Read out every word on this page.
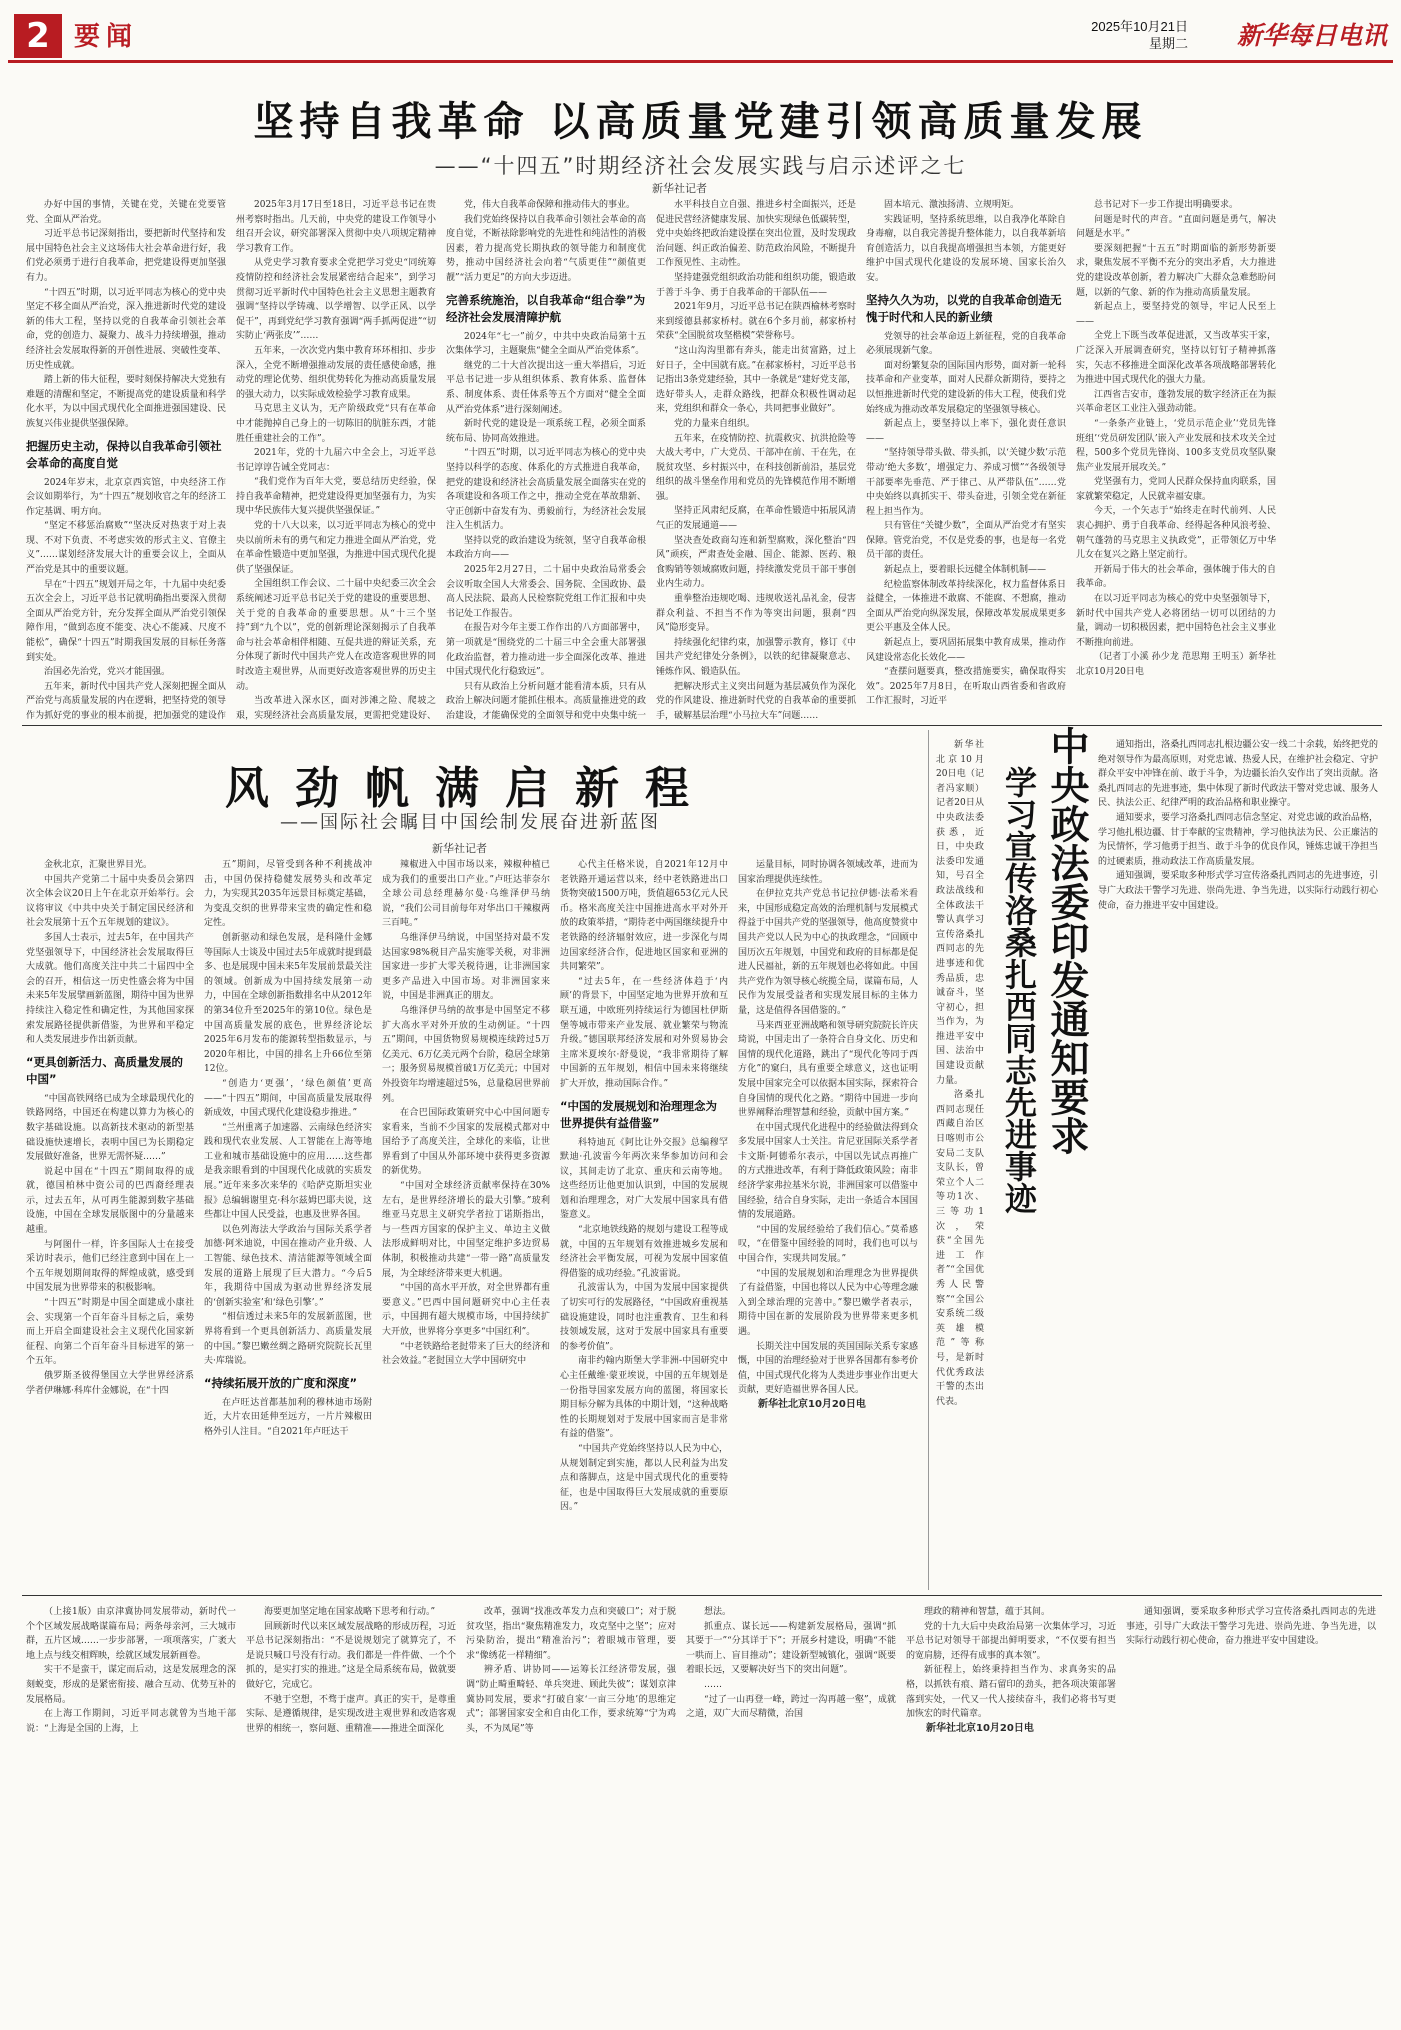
2 要闻	2025年10月21日
星期二 新华每日电讯
坚持自我革命 以高质量党建引领高质量发展
——“十四五”时期经济社会发展实践与启示述评之七
新华社记者

办好中国的事情，关键在党，关键在党要管党、全面从严治党。

习近平总书记深刻指出，要把新时代坚持和发展中国特色社会主义这场伟大社会革命进行好，我们党必须勇于进行自我革命，把党建设得更加坚强有力。

“十四五”时期，以习近平同志为核心的党中央坚定不移全面从严治党，深入推进新时代党的建设新的伟大工程，坚持以党的自我革命引领社会革命，党的创造力、凝聚力、战斗力持续增强，推动经济社会发展取得新的开创性进展、突破性变革、历史性成就。

踏上新的伟大征程，要时刻保持解决大党独有难题的清醒和坚定，不断提高党的建设质量和科学化水平，为以中国式现代化全面推进强国建设、民族复兴伟业提供坚强保障。

把握历史主动，保持以自我革命引领社会革命的高度自觉

2024年岁末，北京京西宾馆，中央经济工作会议如期举行，为“十四五”规划收官之年的经济工作定基调、明方向。

“坚定不移惩治腐败”“坚决反对热衷于对上表现、不对下负责、不考虑实效的形式主义、官僚主义”……谋划经济发展大计的重要会议上，全面从严治党是其中的重要议题。

早在“十四五”规划开局之年，十九届中央纪委五次全会上，习近平总书记就明确指出要深入贯彻全面从严治党方针，充分发挥全面从严治党引领保障作用，“做到态度不能变、决心不能减、尺度不能松”，确保“十四五”时期我国发展的目标任务落到实处。

治国必先治党，党兴才能国强。

五年来，新时代中国共产党人深刻把握全面从严治党与高质量发展的内在逻辑，把坚持党的领导作为抓好党的事业的根本前提，把加强党的建设作

2025年3月17日至18日，习近平总书记在贵州考察时指出。几天前，中央党的建设工作领导小组召开会议，研究部署深入贯彻中央八项规定精神学习教育工作。

从党史学习教育要求全党把学习党史“同统筹疫情防控和经济社会发展紧密结合起来”，到学习贯彻习近平新时代中国特色社会主义思想主题教育强调“坚持以学铸魂、以学增智、以学正风、以学促干”，再到党纪学习教育强调“两手抓两促进”“切实防止‘两张皮’”……

五年来，一次次党内集中教育环环相扣、步步深入，全党不断增强推动发展的责任感使命感，推动党的理论优势、组织优势转化为推动高质量发展的强大动力，以实际成效检验学习教育成果。

马克思主义认为，无产阶级政党“只有在革命中才能抛掉自己身上的一切陈旧的肮脏东西，才能胜任重建社会的工作”。

2021年，党的十九届六中全会上，习近平总书记谆谆告诫全党同志：

“我们党作为百年大党，要总结历史经验，保持自我革命精神，把党建设得更加坚强有力，为实现中华民族伟大复兴提供坚强保证。”

党的十八大以来，以习近平同志为核心的党中央以前所未有的勇气和定力推进全面从严治党，党在革命性锻造中更加坚强，为推进中国式现代化提供了坚强保证。

全国组织工作会议、二十届中央纪委三次全会系统阐述习近平总书记关于党的建设的重要思想、关于党的自我革命的重要思想。从“十三个坚持”到“九个以”，党的创新理论深刻揭示了自我革命与社会革命相伴相随、互促共进的辩证关系，充分体现了新时代中国共产党人在改造客观世界的同时改造主观世界，从而更好改造客观世界的历史主动。

当改革进入深水区，面对涉滩之险、爬坡之艰，实现经济社会高质量发展，更需把党建设好、

党，伟大自我革命保障和推动伟大的事业。

我们党始终保持以自我革命引领社会革命的高度自觉，不断祛除影响党的先进性和纯洁性的消极因素，着力提高党长期执政的领导能力和制度优势，推动中国经济社会向着“气质更佳”“颜值更靓”“活力更足”的方向大步迈进。

完善系统施治，以自我革命“组合拳”为经济社会发展清障护航

2024年“七一”前夕，中共中央政治局第十五次集体学习，主题聚焦“健全全面从严治党体系”。

继党的二十大首次提出这一重大举措后，习近平总书记进一步从组织体系、教育体系、监督体系、制度体系、责任体系等五个方面对“健全全面从严治党体系”进行深刻阐述。

新时代党的建设是一项系统工程，必须全面系统布局、协同高效推进。

“十四五”时期，以习近平同志为核心的党中央坚持以科学的态度、体系化的方式推进自我革命，把党的建设和经济社会高质量发展全面落实在党的各项建设和各项工作之中，推动全党在革故鼎新、守正创新中奋发有为、勇毅前行，为经济社会发展注入生机活力。

坚持以党的政治建设为统领，坚守自我革命根本政治方向——

2025年2月27日，二十届中央政治局常委会会议听取全国人大常委会、国务院、全国政协、最高人民法院、最高人民检察院党组工作汇报和中央书记处工作报告。

在报告对今年主要工作作出的八方面部署中，第一项就是“围绕党的二十届三中全会重大部署强化政治监督，着力推动进一步全面深化改革、推进中国式现代化行稳致远”。

只有从政治上分析问题才能看清本质，只有从政治上解决问题才能抓住根本。高质量推进党的政治建设，才能确保党的全面领导和党中央集中统一

水平科技自立自强、推进乡村全面振兴，还是促进民营经济健康发展、加快实现绿色低碳转型，党中央始终把政治建设摆在突出位置，及时发现政治问题、纠正政治偏差、防范政治风险，不断提升工作预见性、主动性。

坚持建强党组织政治功能和组织功能，锻造敢于善于斗争、勇于自我革命的干部队伍——

2021年9月，习近平总书记在陕西榆林考察时来到绥德县郝家桥村。就在6个多月前，郝家桥村荣获“全国脱贫攻坚楷模”荣誉称号。

“这山沟沟里都有奔头，能走出贫富路，过上好日子，全中国就有底。”在郝家桥村，习近平总书记指出3条党建经验，其中一条就是“建好党支部，选好带头人，走群众路线，把群众积极性调动起来，党组织和群众一条心，共同把事业做好”。

党的力量来自组织。

五年来，在疫情防控、抗震救灾、抗洪抢险等大战大考中，广大党员、干部冲在前、干在先，在脱贫攻坚、乡村振兴中，在科技创新前沿，基层党组织的战斗堡垒作用和党员的先锋模范作用不断增强。

坚持正风肃纪反腐，在革命性锻造中拓展风清气正的发展通道——

坚决查处政商勾连和新型腐败，深化整治“四风”顽疾，严肃查处金融、国企、能源、医药、粮食购销等领域腐败问题，持续激发党员干部干事创业内生动力。

重拳整治违规吃喝、违规收送礼品礼金，侵害群众利益、不担当不作为等突出问题，狠刹“四风”隐形变异。

持续强化纪律约束，加强警示教育，修订《中国共产党纪律处分条例》，以铁的纪律凝聚意志、锤炼作风、锻造队伍。

把解决形式主义突出问题为基层减负作为深化党的作风建设、推进新时代党的自我革命的重要抓手，破解基层治理“小马拉大车”问题……

固本培元、激浊扬清、立规明矩。

实践证明，坚持系统思维，以自我净化革除自身毒瘤，以自我完善提升整体能力，以自我革新培育创造活力，以自我提高增强担当本领，方能更好维护中国式现代化建设的发展环境、国家长治久安。

坚持久久为功，以党的自我革命创造无愧于时代和人民的新业绩

党领导的社会革命迈上新征程，党的自我革命必须展现新气象。

面对纷繁复杂的国际国内形势，面对新一轮科技革命和产业变革，面对人民群众新期待，要持之以恒推进新时代党的建设新的伟大工程，使我们党始终成为推动改革发展稳定的坚强领导核心。

新起点上，要坚持以上率下，强化责任意识——

“坚持领导带头做、带头抓，以‘关键少数’示范带动‘绝大多数’，增强定力、养成习惯”“各级领导干部要率先垂范、严于律己、从严带队伍”……党中央始终以真抓实干、带头奋进，引领全党在新征程上担当作为。

只有管住“关键少数”，全面从严治党才有坚实保障。管党治党，不仅是党委的事，也是每一名党员干部的责任。

新起点上，要着眼长远健全体制机制——

纪检监察体制改革持续深化，权力监督体系日益健全，一体推进不敢腐、不能腐、不想腐，推动全面从严治党向纵深发展，保障改革发展成果更多更公平惠及全体人民。

新起点上，要巩固拓展集中教育成果，推动作风建设常态化长效化——

“查摆问题要真，整改措施要实，确保取得实效”。2025年7月8日，在听取山西省委和省政府工作汇报时，习近平

总书记对下一步工作提出明确要求。

问题是时代的声音。“直面问题是勇气，解决问题是水平。”

要深刻把握“十五五”时期面临的新形势新要求，聚焦发展不平衡不充分的突出矛盾，大力推进党的建设改革创新，着力解决广大群众急难愁盼问题，以新的气象、新的作为推动高质量发展。

新起点上，要坚持党的领导，牢记人民至上——

全党上下既当改革促进派，又当改革实干家，广泛深入开展调查研究，坚持以钉钉子精神抓落实，矢志不移推进全面深化改革各项战略部署转化为推进中国式现代化的强大力量。

江西省吉安市，蓬勃发展的数字经济正在为振兴革命老区工业注入强劲动能。

“一条条产业链上，‘党员示范企业’‘党员先锋班组’‘党员研发团队’嵌入产业发展和技术攻关全过程，500多个党员先锋岗、100多支党员攻坚队聚焦产业发展开展攻关。”

党坚强有力，党同人民群众保持血肉联系，国家就繁荣稳定，人民就幸福安康。

今天，一个矢志于“始终走在时代前列、人民衷心拥护、勇于自我革命、经得起各种风浪考验、朝气蓬勃的马克思主义执政党”，正带领亿万中华儿女在复兴之路上坚定前行。

开新局于伟大的社会革命，强体魄于伟大的自我革命。

在以习近平同志为核心的党中央坚强领导下，新时代中国共产党人必将团结一切可以团结的力量，调动一切积极因素，把中国特色社会主义事业不断推向前进。

（记者丁小溪 孙少龙 范思翔 王明玉）新华社北京10月20日电

风劲帆满启新程
——国际社会瞩目中国绘制发展奋进新蓝图
新华社记者

金秋北京，汇聚世界目光。

中国共产党第二十届中央委员会第四次全体会议20日上午在北京开始举行。会议将审议《中共中央关于制定国民经济和社会发展第十五个五年规划的建议》。

多国人士表示，过去5年，在中国共产党坚强领导下，中国经济社会发展取得巨大成就。他们高度关注中共二十届四中全会的召开，相信这一历史性盛会将为中国未来5年发展擘画新蓝图，期待中国为世界持续注入稳定性和确定性，为其他国家探索发展路径提供新借鉴，为世界和平稳定和人类发展进步作出新贡献。

“更具创新活力、高质量发展的中国”

“中国高铁网络已成为全球最现代化的铁路网络，中国还在构建以算力为核心的数字基础设施。以高新技术驱动的新型基础设施快速增长，表明中国已为长期稳定发展做好准备，世界无需怀疑……”

说起中国在“十四五”期间取得的成就，德国柏林中资公司的巴西裔经理表示，过去五年，从可再生能源到数字基础设施，中国在全球发展版图中的分量越来越重。

与阿图什一样，许多国际人士在接受采访时表示，他们已经注意到中国在上一个五年规划期间取得的辉煌成就，感受到中国发展为世界带来的积极影响。

“十四五”时期是中国全面建成小康社会、实现第一个百年奋斗目标之后，乘势而上开启全面建设社会主义现代化国家新征程、向第二个百年奋斗目标进军的第一个五年。

俄罗斯圣彼得堡国立大学世界经济系学者伊琳娜·科库什金娜说，在“十四

五”期间，尽管受到各种不利挑战冲击，中国仍保持稳健发展势头和改革定力，为实现其2035年远景目标奠定基础，为变乱交织的世界带来宝贵的确定性和稳定性。

创新驱动和绿色发展，是科隆什金娜等国际人士谈及中国过去5年成就时提到最多、也是展现中国未来5年发展前景最关注的领域。创新成为中国持续发展第一动力，中国在全球创新指数排名中从2012年的第34位升至2025年的第10位。绿色是中国高质量发展的底色，世界经济论坛2025年6月发布的能源转型指数显示，与2020年相比，中国的排名上升66位至第12位。

“创造力‘更强’，‘绿色颜值’更高——“十四五”期间，中国高质量发展取得新成效，中国式现代化建设稳步推进。”

“兰州重离子加速器、云南绿色经济实践和现代农业发展、人工智能在上海等地工业和城市基础设施中的应用……这些都是我亲眼看到的中国现代化成就的实质发展。”近年来多次来华的《哈萨克斯坦实业报》总编辑谢里克·科尔兹姆巴耶夫说，这些都让中国人民受益，也惠及世界各国。

以色列海法大学政治与国际关系学者加德·阿米迪说，中国在推动产业升级、人工智能、绿色技术、清洁能源等领域全面发展的道路上展现了巨大潜力。“今后5年，我期待中国成为驱动世界经济发展的‘创新实验室’和‘绿色引擎’。”

“相信透过未来5年的发展新蓝图，世界将看到一个更具创新活力、高质量发展的中国。”黎巴嫩丝绸之路研究院院长瓦里夫·库瑞说。

“持续拓展开放的广度和深度”

在卢旺达首都基加利的穆林迪市场附近，大片农田延伸至远方，一片片辣椒田格外引人注目。“自2021年卢旺达干

辣椒进入中国市场以来，辣椒种植已成为我们的重要出口产业。”卢旺达菲奈尔全球公司总经理赫尔曼·乌维泽伊马纳说，“我们公司目前每年对华出口干辣椒两三百吨。”

乌维泽伊马纳说，中国坚持对最不发达国家98%税目产品实施零关税，对非洲国家进一步扩大零关税待遇，让非洲国家更多产品进入中国市场。对非洲国家来说，中国是非洲真正的朋友。

乌维泽伊马纳的故事是中国坚定不移扩大高水平对外开放的生动例证。“十四五”期间，中国货物贸易规模连续跨过5万亿美元、6万亿美元两个台阶，稳居全球第一；服务贸易规模首破1万亿美元；中国对外投资年均增速超过5%，总量稳居世界前列。

在合巴国际政策研究中心中国问题专家看来，当前不少国家的发展模式都对中国给予了高度关注，全球化的来临，让世界看到了中国从外部环境中获得更多资源的新优势。

“中国对全球经济贡献率保持在30%左右，是世界经济增长的最大引擎。”玻利维亚马克思主义研究学者拉丁诺斯指出，与一些西方国家的保护主义、单边主义做法形成鲜明对比，中国坚定维护多边贸易体制，积极推动共建“一带一路”高质量发展，为全球经济带来更大机遇。

“中国的高水平开放，对全世界都有重要意义。”巴西中国问题研究中心主任表示，中国拥有超大规模市场，中国持续扩大开放，世界将分享更多“中国红利”。

“中老铁路给老挝带来了巨大的经济和社会效益。”老挝国立大学中国研究中

心代主任格米说，自2021年12月中老铁路开通运营以来，经中老铁路进出口货物突破1500万吨，货值超653亿元人民币。格米高度关注中国推进高水平对外开放的政策举措，“期待老中两国继续提升中老铁路的经济辐射效应，进一步深化与周边国家经济合作，促进地区国家和亚洲的共同繁荣”。

“过去5年，在一些经济体趋于‘内顾’的背景下，中国坚定地为世界开放和互联互通，中欧班列持续运行为德国杜伊斯堡等城市带来产业发展、就业繁荣与物流升级。”德国联邦经济发展和对外贸易协会主席米夏埃尔·舒曼说，“我非常期待了解中国新的五年规划，相信中国未来将继续扩大开放，推动国际合作。”

“中国的发展规划和治理理念为世界提供有益借鉴”

科特迪瓦《阿比让外交报》总编穆罕默迪·孔波雷今年两次来华参加访问和会议，其间走访了北京、重庆和云南等地。这些经历让他更加认识到，中国的发展规划和治理理念，对广大发展中国家具有借鉴意义。

“北京地铁线路的规划与建设工程等成就，中国的五年规划有效推进城乡发展和经济社会平衡发展，可视为发展中国家值得借鉴的成功经验。”孔波雷说。

孔波雷认为，中国为发展中国家提供了切实可行的发展路径，“中国政府重视基础设施建设，同时也注重教育、卫生和科技领域发展，这对于发展中国家具有重要的参考价值”。

南非约翰内斯堡大学非洲-中国研究中心主任戴维·蒙亚埃说，中国的五年规划是一份指导国家发展方向的蓝图，将国家长期目标分解为具体的中期计划，“这种战略性的长期规划对于发展中国家而言是非常有益的借鉴”。

“中国共产党始终坚持以人民为中心，从规划制定到实施，都以人民利益为出发点和落脚点，这是中国式现代化的重要特征，也是中国取得巨大发展成就的重要原因。”

运量目标，同时协调各领域改革，进而为国家治理提供连续性。

在伊拉克共产党总书记拉伊德·法希米看来，中国形成稳定高效的治理机制与发展模式得益于中国共产党的坚强领导，他高度赞赏中国共产党以人民为中心的执政理念，“回顾中国历次五年规划，中国党和政府的目标都是促进人民福祉，新的五年规划也必将如此。中国共产党作为领导核心统揽全局，谋篇布局，人民作为发展受益者和实现发展目标的主体力量，这是值得各国借鉴的。”

马来西亚亚洲战略和领导研究院院长许庆琦说，中国走出了一条符合自身文化、历史和国情的现代化道路，跳出了“现代化等同于西方化”的窠臼，具有重要全球意义，这也证明发展中国家完全可以依据本国实际，探索符合自身国情的现代化之路。“期待中国进一步向世界阐释治理智慧和经验，贡献中国方案。”

在中国式现代化进程中的经验做法得到众多发展中国家人士关注。肯尼亚国际关系学者卡文斯·阿德希尔表示，中国以先试点再推广的方式推进改革，有利于降低政策风险；南非经济学家弗拉基米尔说，非洲国家可以借鉴中国经验，结合自身实际，走出一条适合本国国情的发展道路。

“中国的发展经验给了我们信心。”莫希感叹，“在借鉴中国经验的同时，我们也可以与中国合作，实现共同发展。”

“中国的发展规划和治理理念为世界提供了有益借鉴，中国也将以人民为中心等理念融入到全球治理的完善中。”黎巴嫩学者表示，期待中国在新的发展阶段为世界带来更多机遇。

长期关注中国发展的英国国际关系专家感慨，中国的治理经验对于世界各国都有参考价值，中国式现代化将为人类进步事业作出更大贡献，更好造福世界各国人民。

新华社北京10月20日电

中央政法委印发通知要求
学习宣传洛桑扎西同志先进事迹

新华社北京10月20日电（记者冯家顺）记者20日从中央政法委获悉，近日，中央政法委印发通知，号召全政法战线和全体政法干警认真学习宣传洛桑扎西同志的先进事迹和优秀品质，忠诚奋斗，坚守初心，担当作为，为推进平安中国、法治中国建设贡献力量。

洛桑扎西同志现任西藏自治区日喀则市公安局二支队支队长，曾荣立个人二等功1次、三等功1次，荣获“全国先进工作者”“全国优秀人民警察”“全国公安系统二级英雄模范”等称号，是新时代优秀政法干警的杰出代表。

通知指出，洛桑扎西同志扎根边疆公安一线二十余载，始终把党的绝对领导作为最高原则，对党忠诚、热爱人民，在维护社会稳定、守护群众平安中冲锋在前、敢于斗争，为边疆长治久安作出了突出贡献。洛桑扎西同志的先进事迹，集中体现了新时代政法干警对党忠诚、服务人民、执法公正、纪律严明的政治品格和职业操守。

通知要求，要学习洛桑扎西同志信念坚定、对党忠诚的政治品格，学习他扎根边疆、甘于奉献的宝贵精神，学习他执法为民、公正廉洁的为民情怀，学习他勇于担当、敢于斗争的优良作风，锤炼忠诚干净担当的过硬素质，推动政法工作高质量发展。

通知强调，要采取多种形式学习宣传洛桑扎西同志的先进事迹，引导广大政法干警学习先进、崇尚先进、争当先进，以实际行动践行初心使命，奋力推进平安中国建设。

（上接1版）由京津冀协同发展带动，新时代一个个区域发展战略谋篇布局；两条母亲河，三大城市群，五片区域……一步步部署，一项项落实，广袤大地上点与线交相辉映，绘就区域发展新画卷。

实干不是蛮干，谋定而后动，这是发展理念的深刻蜕变，形成的是紧密衔接、融合互动、优势互补的发展格局。

在上海工作期间，习近平同志就曾为当地干部说：“上海是全国的上海，上

海要更加坚定地在国家战略下思考和行动。”

回顾新时代以来区域发展战略的形成历程，习近平总书记深刻指出：“不是说规划完了就算完了，不是说只喊口号没有行动。我们都是一件件做、一个个抓的，是实打实的推进。”这是全局系统布局，做就要做好它，完成它。

不驰于空想，不骛于虚声。真正的实干，是尊重实际、是遵循规律，是实现改进主观世界和改造客观世界的相统一，察问题、重精准——推进全面深化

改革，强调“找准改革发力点和突破口”；对于脱贫攻坚，指出“聚焦精准发力，攻克坚中之坚”；应对污染防治，提出“精准治污”；着眼城市管理，要求“像绣花一样精细”。

辨矛盾、讲协同——运筹长江经济带发展，强调“防止畸重畸轻、单兵突进、顾此失彼”；谋划京津冀协同发展，要求“打破自家‘一亩三分地’的思维定式”；部署国家安全和自由化工作，要求统筹“宁为鸡头，不为凤尾”等

想法。

抓重点、谋长远——构建新发展格局，强调“抓其要于一”“分其详于下”；开展乡村建设，明确“不能一哄而上、盲目推动”；建设新型城镇化，强调“既要着眼长远，又要解决好当下的突出问题”。

……

“过了一山再登一峰，跨过一沟再越一壑”，成就之道，双广大而尽精微，治国

理政的精神和智慧，蕴于其间。

党的十九大后中央政治局第一次集体学习，习近平总书记对领导干部提出鲜明要求，“不仅要有担当的宽肩膀，还得有成事的真本领”。

新征程上，始终秉持担当作为、求真务实的品格，以抓铁有痕、踏石留印的劲头，把各项决策部署落到实处，一代又一代人接续奋斗，我们必将书写更加恢宏的时代篇章。

新华社北京10月20日电

通知强调，要采取多种形式学习宣传洛桑扎西同志的先进事迹，引导广大政法干警学习先进、崇尚先进、争当先进，以实际行动践行初心使命，奋力推进平安中国建设。
